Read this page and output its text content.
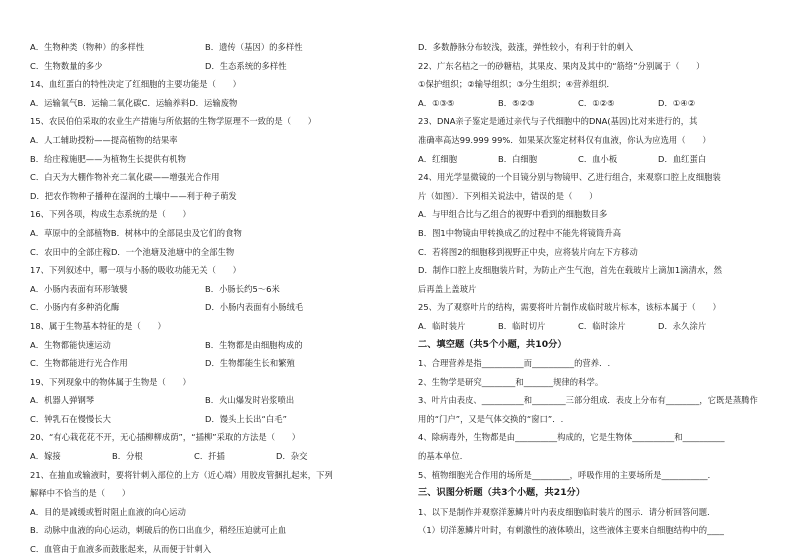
A．生物种类（物种）的多样性	B．遗传（基因）的多样性
C．生物数量的多少	D．生态系统的多样性
14、血红蛋白的特性决定了红细胞的主要功能是（　　）
A．运输氧气B．运输二氧化碳C．运输养料D．运输废物
15、农民伯伯采取的农业生产措施与所依据的生物学原理不一致的是（　　）
A．人工辅助授粉——提高植物的结果率
B．给庄稼施肥——为植物生长提供有机物
C．白天为大棚作物补充二氧化碳——增强光合作用
D．把农作物种子播种在湿润的土壤中——利于种子萌发
16、下列各项，构成生态系统的是（　　）
A．草原中的全部植物B．树林中的全部昆虫及它们的食物
C．农田中的全部庄稼D．一个池塘及池塘中的全部生物
17、下列叙述中，哪一项与小肠的吸收功能无关（　　）
A．小肠内表面有环形皱襞	B．小肠长约5～6米
C．小肠内有多种消化酶	D．小肠内表面有小肠绒毛
18、属于生物基本特征的是（　　）
A．生物都能快速运动	B．生物都是由细胞构成的
C．生物都能进行光合作用	D．生物都能生长和繁殖
19、下列现象中的物体属于生物是（　　）
A．机器人弹钢琴	B．火山爆发时岩浆喷出
C．钟乳石在慢慢长大	D．馒头上长出“白毛”
20、“有心栽花花不开，无心插柳柳成荫”，“插柳”采取的方法是（　　）
A．嫁接	B．分根	C．扦插	D．杂交
21、在抽血或输液时，要将针刺入部位的上方（近心端）用胶皮管捆扎起来，下列
解释中不恰当的是（　　）
A．目的是减缓或暂时阻止血液的向心运动
B．动脉中血液的向心运动，刺破后的伤口出血少，稍经压迫就可止血
C．血管由于血液多而鼓胀起来，从而便于针刺入
D．多数静脉分布较浅，鼓涨，弹性较小，有利于针的刺入
22、广东名桔之一的砂糖桔，其果皮、果肉及其中的“筋络”分别属于（　　）
①保护组织；②输导组织；③分生组织；④营养组织．
A．①③⑤	B．⑤②③	C．①②⑤	D．①④②
23、DNA亲子鉴定是通过亲代与子代细胞中的DNA(基因)比对来进行的，其
准确率高达99.999 99%．如果某次鉴定材料仅有血液，你认为应选用（　　）
A．红细胞	B．白细胞	C．血小板	D．血红蛋白
24、用光学显微镜的一个目镜分别与物镜甲、乙进行组合，来观察口腔上皮细胞装
片（如图）．下列相关说法中，错误的是（　　）
A．与甲组合比与乙组合的视野中看到的细胞数目多
B．图1中物镜由甲转换成乙的过程中不能先将镜筒升高
C．若将图2的细胞移到视野正中央，应将装片向左下方移动
D．制作口腔上皮细胞装片时，为防止产生气泡，首先在载玻片上滴加1滴清水，然
后再盖上盖玻片
25、为了观察叶片的结构，需要将叶片制作成临时玻片标本，该标本属于（　　）
A．临时装片	B．临时切片	C．临时涂片	D．永久涂片
二、填空题（共5个小题，共10分）
1、合理营养是指__________而__________的营养．.
2、生物学是研究________和_______规律的科学。
3、叶片由表皮、__________和________三部分组成．表皮上分布有________，它既是蒸腾作
用的“门户”，又是气体交换的“窗口”．.
4、除病毒外，生物都是由__________构成的，它是生物体__________和__________
的基本单位．
5、植物细胞光合作用的场所是_________，呼吸作用的主要场所是___________．
三、识图分析题（共3个小题，共21分）
1、以下是制作并观察洋葱鳞片叶内表皮细胞临时装片的图示．请分析回答问题．
（1）切洋葱鳞片叶时，有刺激性的液体喷出，这些液体主要来自细胞结构中的____
